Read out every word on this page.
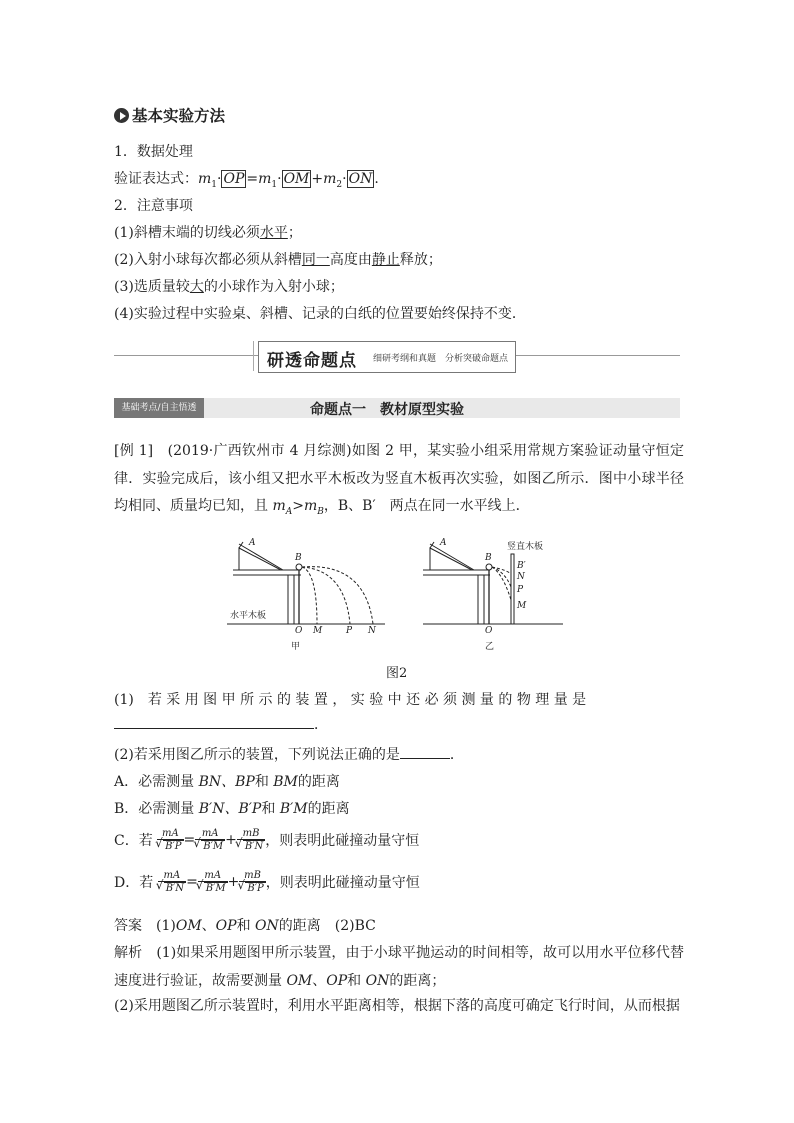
基本实验方法
1．数据处理
验证表达式：$m_1\cdot$ OP $=m_1\cdot$ OM $+m_2\cdot$ ON .
2．注意事项
(1)斜槽末端的切线必须水平；
(2)入射小球每次都必须从斜槽同一高度由静止释放；
(3)选质量较大的小球作为入射小球；
(4)实验过程中实验桌、斜槽、记录的白纸的位置要始终保持不变．
研透命题点 细研考纲和真题　分析突破命题点
基础考点/自主悟透	命题点一　教材原型实验
[例 1]　(2019·广西钦州市 4 月综测)如图 2 甲，某实验小组采用常规方案验证动量守恒定律．实验完成后，该小组又把水平木板改为竖直木板再次实验，如图乙所示．图中小球半径均相同、质量均已知，且 $m_A>m_B$，B、B′　两点在同一水平线上．
A
B
水平木板
O M	P N
甲
A
B
竖直木板
B′
N
P
M
O
乙
图2
(1)　若 采 用 图 甲 所 示 的 装 置 ， 实 验 中 还 必 须 测 量 的 物 理 量 是
．
(2)若采用图乙所示的装置，下列说法正确的是	．
A．必需测量 BN、BP和 BM的距离
B．必需测量 B′N、B′P和 B′M的距离
C．若 mA
√ B′P = mA
√ B′M + mB
√ B′N ，则表明此碰撞动量守恒
D．若 mA
√ B′N = mA
√ B′M + mB
√ B′P ，则表明此碰撞动量守恒
答案　(1)OM、OP和 ON的距离　(2)BC
解析　(1)如果采用题图甲所示装置，由于小球平抛运动的时间相等，故可以用水平位移代替速度进行验证，故需要测量 OM、OP和 ON的距离；
(2)采用题图乙所示装置时，利用水平距离相等，根据下落的高度可确定飞行时间，从而根据
